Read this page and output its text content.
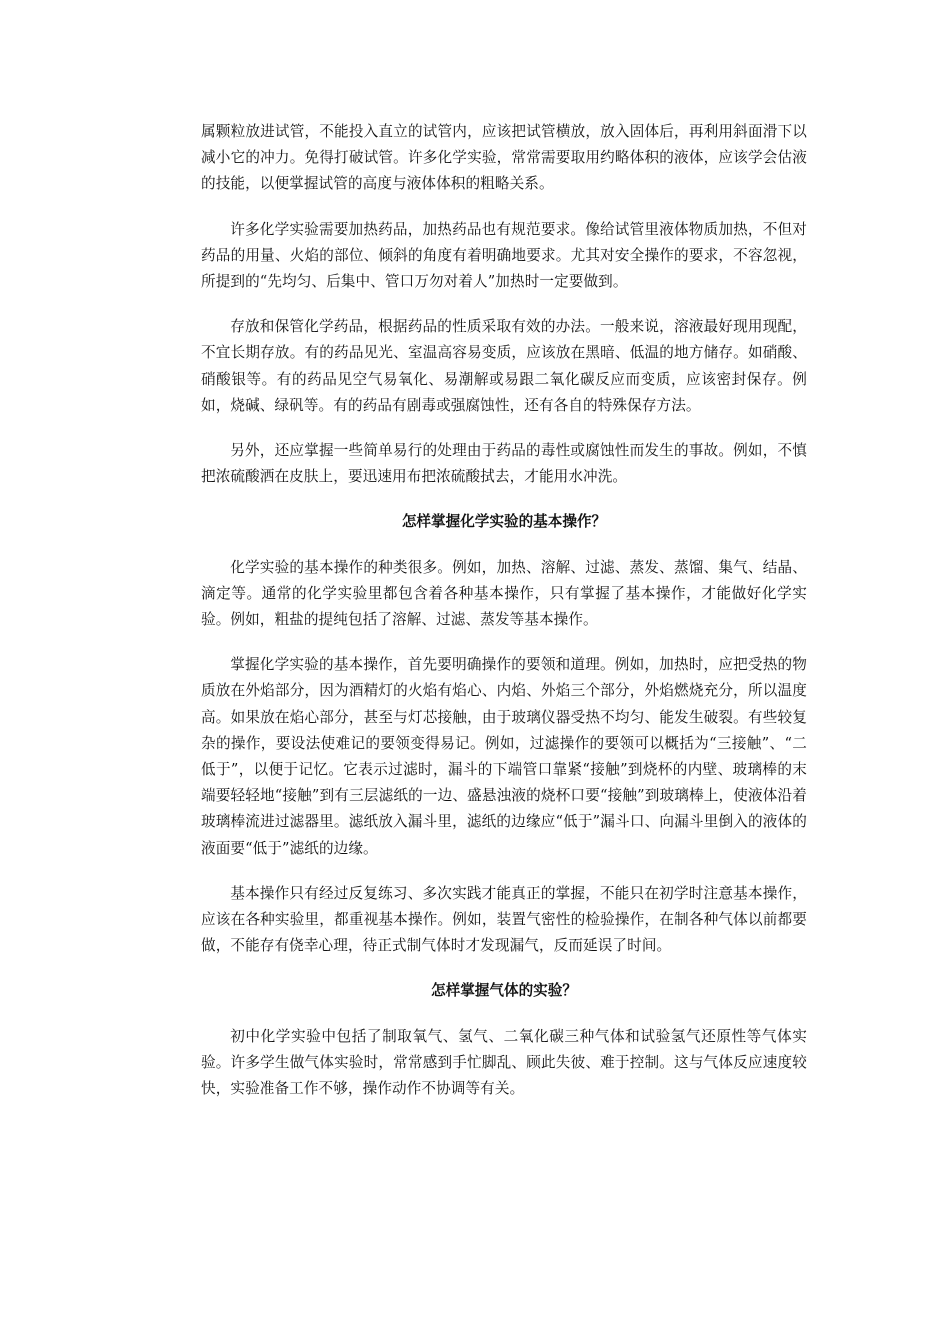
属颗粒放进试管，不能投入直立的试管内，应该把试管横放，放入固体后，再利用斜面滑下以减小它的冲力。免得打破试管。许多化学实验，常常需要取用约略体积的液体，应该学会估液的技能，以便掌握试管的高度与液体体积的粗略关系。

许多化学实验需要加热药品，加热药品也有规范要求。像给试管里液体物质加热，不但对药品的用量、火焰的部位、倾斜的角度有着明确地要求。尤其对安全操作的要求，不容忽视，所提到的“先均匀、后集中、管口万勿对着人”加热时一定要做到。

存放和保管化学药品，根据药品的性质采取有效的办法。一般来说，溶液最好现用现配，不宜长期存放。有的药品见光、室温高容易变质，应该放在黑暗、低温的地方储存。如硝酸、硝酸银等。有的药品见空气易氧化、易潮解或易跟二氧化碳反应而变质，应该密封保存。例如，烧碱、绿矾等。有的药品有剧毒或强腐蚀性，还有各自的特殊保存方法。

另外，还应掌握一些简单易行的处理由于药品的毒性或腐蚀性而发生的事故。例如，不慎把浓硫酸洒在皮肤上，要迅速用布把浓硫酸拭去，才能用水冲洗。

怎样掌握化学实验的基本操作？

化学实验的基本操作的种类很多。例如，加热、溶解、过滤、蒸发、蒸馏、集气、结晶、滴定等。通常的化学实验里都包含着各种基本操作，只有掌握了基本操作，才能做好化学实验。例如，粗盐的提纯包括了溶解、过滤、蒸发等基本操作。

掌握化学实验的基本操作，首先要明确操作的要领和道理。例如，加热时，应把受热的物质放在外焰部分，因为酒精灯的火焰有焰心、内焰、外焰三个部分，外焰燃烧充分，所以温度高。如果放在焰心部分，甚至与灯芯接触，由于玻璃仪器受热不均匀、能发生破裂。有些较复杂的操作，要设法使难记的要领变得易记。例如，过滤操作的要领可以概括为“三接触”、“二低于”，以便于记忆。它表示过滤时，漏斗的下端管口靠紧“接触”到烧杯的内壁、玻璃棒的末端要轻轻地“接触”到有三层滤纸的一边、盛悬浊液的烧杯口要“接触”到玻璃棒上，使液体沿着玻璃棒流进过滤器里。滤纸放入漏斗里，滤纸的边缘应“低于”漏斗口、向漏斗里倒入的液体的液面要“低于”滤纸的边缘。

基本操作只有经过反复练习、多次实践才能真正的掌握，不能只在初学时注意基本操作，应该在各种实验里，都重视基本操作。例如，装置气密性的检验操作，在制各种气体以前都要做，不能存有侥幸心理，待正式制气体时才发现漏气，反而延误了时间。

怎样掌握气体的实验？

初中化学实验中包括了制取氧气、氢气、二氧化碳三种气体和试验氢气还原性等气体实验。许多学生做气体实验时，常常感到手忙脚乱、顾此失彼、难于控制。这与气体反应速度较快，实验准备工作不够，操作动作不协调等有关。
